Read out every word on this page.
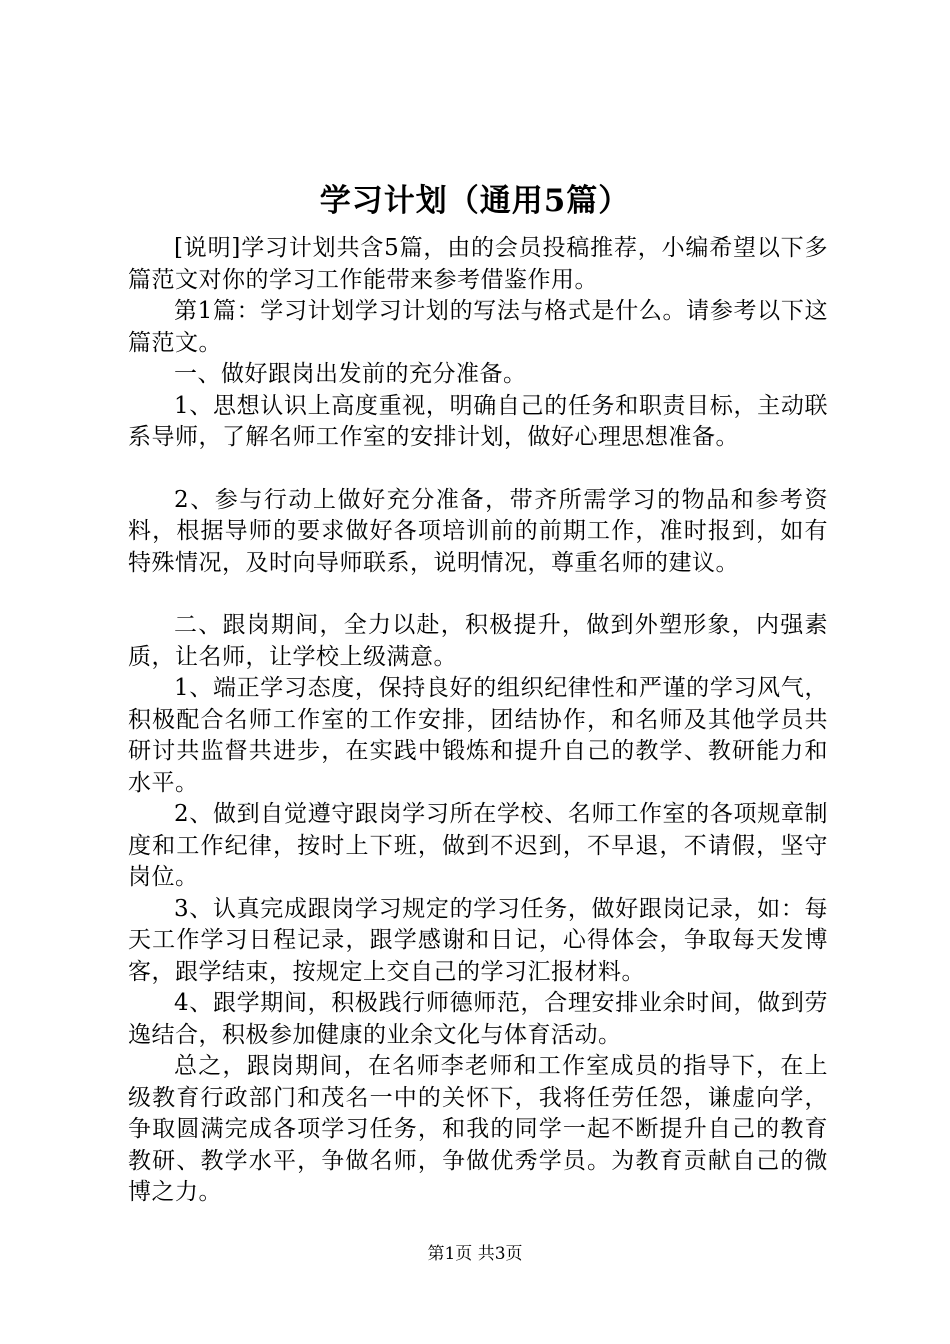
学习计划（通用5篇）

[说明]学习计划共含5篇，由的会员投稿推荐，小编希望以下多篇范文对你的学习工作能带来参考借鉴作用。

第1篇：学习计划学习计划的写法与格式是什么。请参考以下这篇范文。

一、做好跟岗出发前的充分准备。

1、思想认识上高度重视，明确自己的任务和职责目标，主动联系导师，了解名师工作室的安排计划，做好心理思想准备。

2、参与行动上做好充分准备，带齐所需学习的物品和参考资料，根据导师的要求做好各项培训前的前期工作，准时报到，如有特殊情况，及时向导师联系，说明情况，尊重名师的建议。

二、跟岗期间，全力以赴，积极提升，做到外塑形象，内强素质，让名师，让学校上级满意。

1、端正学习态度，保持良好的组织纪律性和严谨的学习风气，积极配合名师工作室的工作安排，团结协作，和名师及其他学员共研讨共监督共进步，在实践中锻炼和提升自己的教学、教研能力和水平。

2、做到自觉遵守跟岗学习所在学校、名师工作室的各项规章制度和工作纪律，按时上下班，做到不迟到，不早退，不请假，坚守岗位。

3、认真完成跟岗学习规定的学习任务，做好跟岗记录，如：每天工作学习日程记录，跟学感谢和日记，心得体会，争取每天发博客，跟学结束，按规定上交自己的学习汇报材料。

4、跟学期间，积极践行师德师范，合理安排业余时间，做到劳逸结合，积极参加健康的业余文化与体育活动。

总之，跟岗期间，在名师李老师和工作室成员的指导下，在上级教育行政部门和茂名一中的关怀下，我将任劳任怨，谦虚向学，争取圆满完成各项学习任务，和我的同学一起不断提升自己的教育教研、教学水平，争做名师，争做优秀学员。为教育贡献自己的微博之力。

第1页 共3页
